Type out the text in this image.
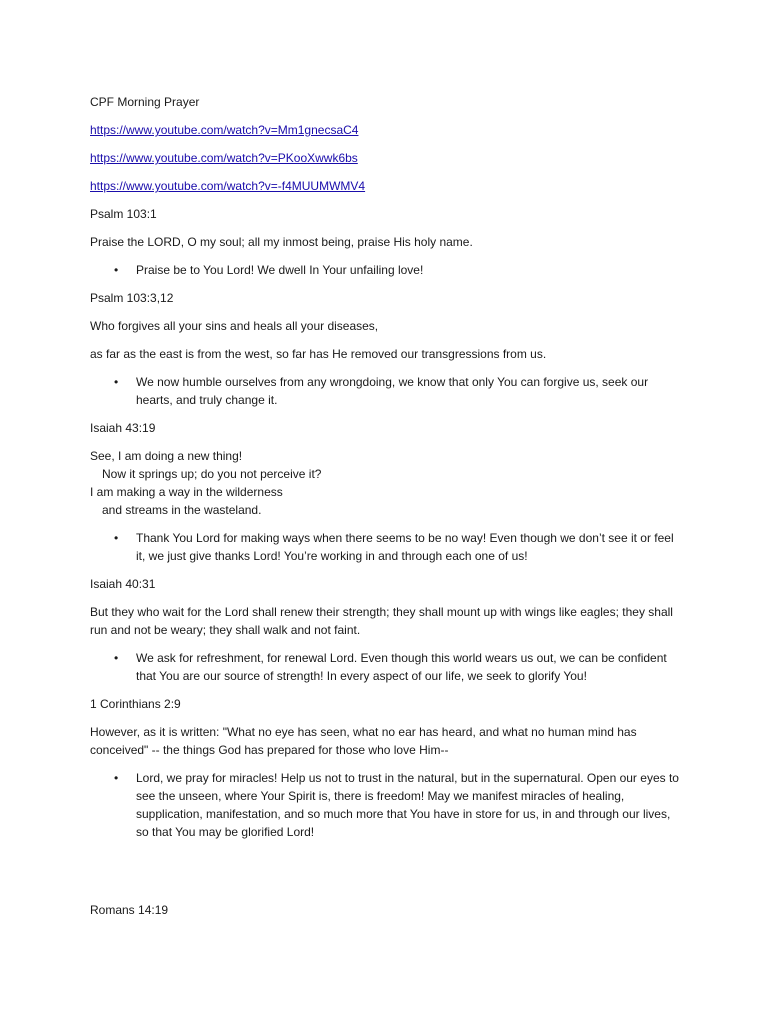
CPF Morning Prayer

https://www.youtube.com/watch?v=Mm1gnecsaC4

https://www.youtube.com/watch?v=PKooXwwk6bs

https://www.youtube.com/watch?v=-f4MUUMWMV4

Psalm 103:1

Praise the LORD, O my soul; all my inmost being, praise His holy name.

• Praise be to You Lord! We dwell In Your unfailing love!

Psalm 103:3,12

Who forgives all your sins and heals all your diseases,

as far as the east is from the west, so far has He removed our transgressions from us.

• We now humble ourselves from any wrongdoing, we know that only You can forgive us, seek our hearts, and truly change it.

Isaiah 43:19

See, I am doing a new thing!
Now it springs up; do you not perceive it?
I am making a way in the wilderness
and streams in the wasteland.
• Thank You Lord for making ways when there seems to be no way! Even though we don’t see it or feel it, we just give thanks Lord! You’re working in and through each one of us!

Isaiah 40:31

But they who wait for the Lord shall renew their strength; they shall mount up with wings like eagles; they shall run and not be weary; they shall walk and not faint.

• We ask for refreshment, for renewal Lord. Even though this world wears us out, we can be confident that You are our source of strength! In every aspect of our life, we seek to glorify You!

1 Corinthians 2:9

However, as it is written: "What no eye has seen, what no ear has heard, and what no human mind has conceived" -- the things God has prepared for those who love Him--

• Lord, we pray for miracles! Help us not to trust in the natural, but in the supernatural. Open our eyes to see the unseen, where Your Spirit is, there is freedom! May we manifest miracles of healing, supplication, manifestation, and so much more that You have in store for us, in and through our lives, so that You may be glorified Lord!

Romans 14:19
